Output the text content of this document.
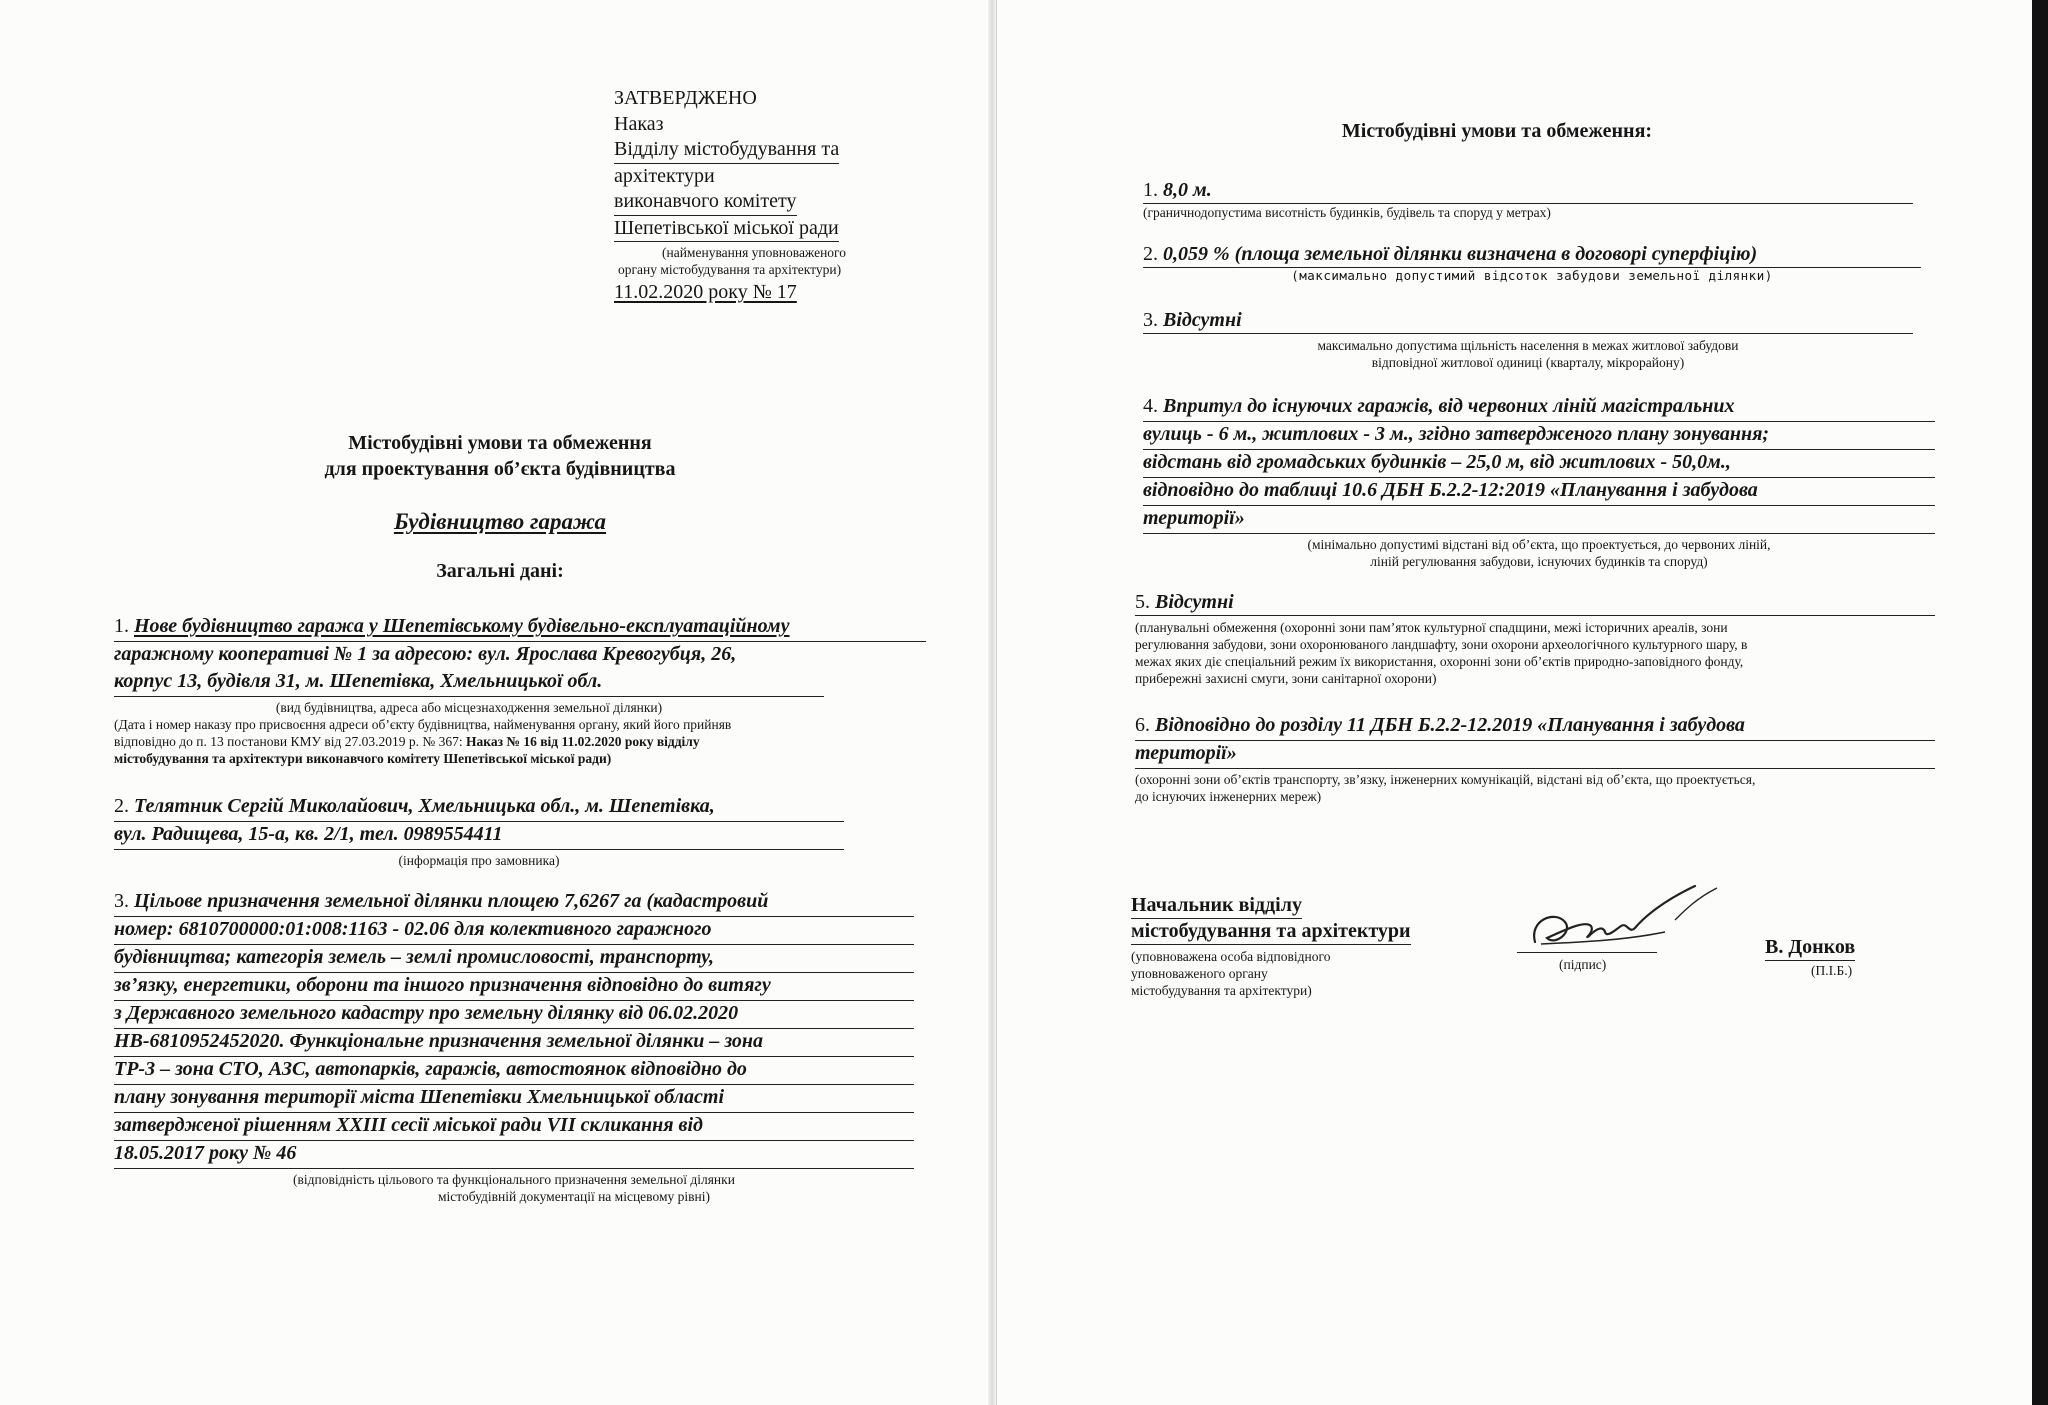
ЗАТВЕРДЖЕНО
Наказ
Відділу містобудування та
архітектури
виконавчого комітету Шепетівської міської ради
(найменування уповноваженого
органу містобудування та архітектури)
11.02.2020 року № 17
Містобудівні умови та обмеження
для проектування об’єкта будівництва
Будівництво гаража
Загальні дані:
1. Нове будівництво гаража у Шепетівському будівельно-експлуатаційному
гаражному кооперативі № 1 за адресою: вул. Ярослава Кревогубця, 26,
корпус 13, будівля 31, м. Шепетівка, Хмельницької обл.
(вид будівництва, адреса або місцезнаходження земельної ділянки)
(Дата і номер наказу про присвоєння адреси об’єкту будівництва, найменування органу, який його прийняв
відповідно до п. 13 постанови КМУ від 27.03.2019 р. № 367: Наказ № 16 від 11.02.2020 року відділу
містобудування та архітектури виконавчого комітету Шепетівської міської ради)
2. Телятник Сергій Миколайович, Хмельницька обл., м. Шепетівка,
вул. Радищева, 15-а, кв. 2/1, тел. 0989554411
(інформація про замовника)
3. Цільове призначення земельної ділянки площею 7,6267 га (кадастровий
номер: 6810700000:01:008:1163 - 02.06 для колективного гаражного
будівництва; категорія земель – землі промисловості, транспорту,
зв’язку, енергетики, оборони та іншого призначення відповідно до витягу
з Державного земельного кадастру про земельну ділянку від 06.02.2020
НВ-6810952452020. Функціональне призначення земельної ділянки – зона
ТР-3 – зона СТО, АЗС, автопарків, гаражів, автостоянок відповідно до
плану зонування території міста Шепетівки Хмельницької області
затвердженої рішенням XXIII сесії міської ради VII скликання від
18.05.2017 року № 46
(відповідність цільового та функціонального призначення земельної ділянки
містобудівній документації на місцевому рівні)
Містобудівні умови та обмеження:
1. 8,0 м.
(граничнодопустима висотність будинків, будівель та споруд у метрах)
2. 0,059 % (площа земельної ділянки визначена в договорі суперфіцію)
(максимально допустимий відсоток забудови земельної ділянки)
3. Відсутні
максимально допустима щільність населення в межах житлової забудови
відповідної житлової одиниці (кварталу, мікрорайону)
4. Впритул до існуючих гаражів, від червоних ліній магістральних
вулиць - 6 м., житлових - 3 м., згідно затвердженого плану зонування;
відстань від громадських будинків – 25,0 м, від житлових - 50,0м.,
відповідно до таблиці 10.6 ДБН Б.2.2-12:2019 «Планування і забудова
території»
(мінімально допустимі відстані від об’єкта, що проектується, до червоних ліній,
ліній регулювання забудови, існуючих будинків та споруд)
5. Відсутні
(планувальні обмеження (охоронні зони пам’яток культурної спадщини, межі історичних ареалів, зони
регулювання забудови, зони охоронюваного ландшафту, зони охорони археологічного культурного шару, в
межах яких діє спеціальний режим їх використання, охоронні зони об’єктів природно-заповідного фонду,
прибережні захисні смуги, зони санітарної охорони)
6. Відповідно до розділу 11 ДБН Б.2.2-12.2019 «Планування і забудова
території»
(охоронні зони об’єктів транспорту, зв’язку, інженерних комунікацій, відстані від об’єкта, що проектується,
до існуючих інженерних мереж)
Начальник відділу
містобудування та архітектури
(уповноважена особа відповідного
уповноваженого органу
містобудування та архітектури)
(підпис)
В. Донков
(П.І.Б.)
